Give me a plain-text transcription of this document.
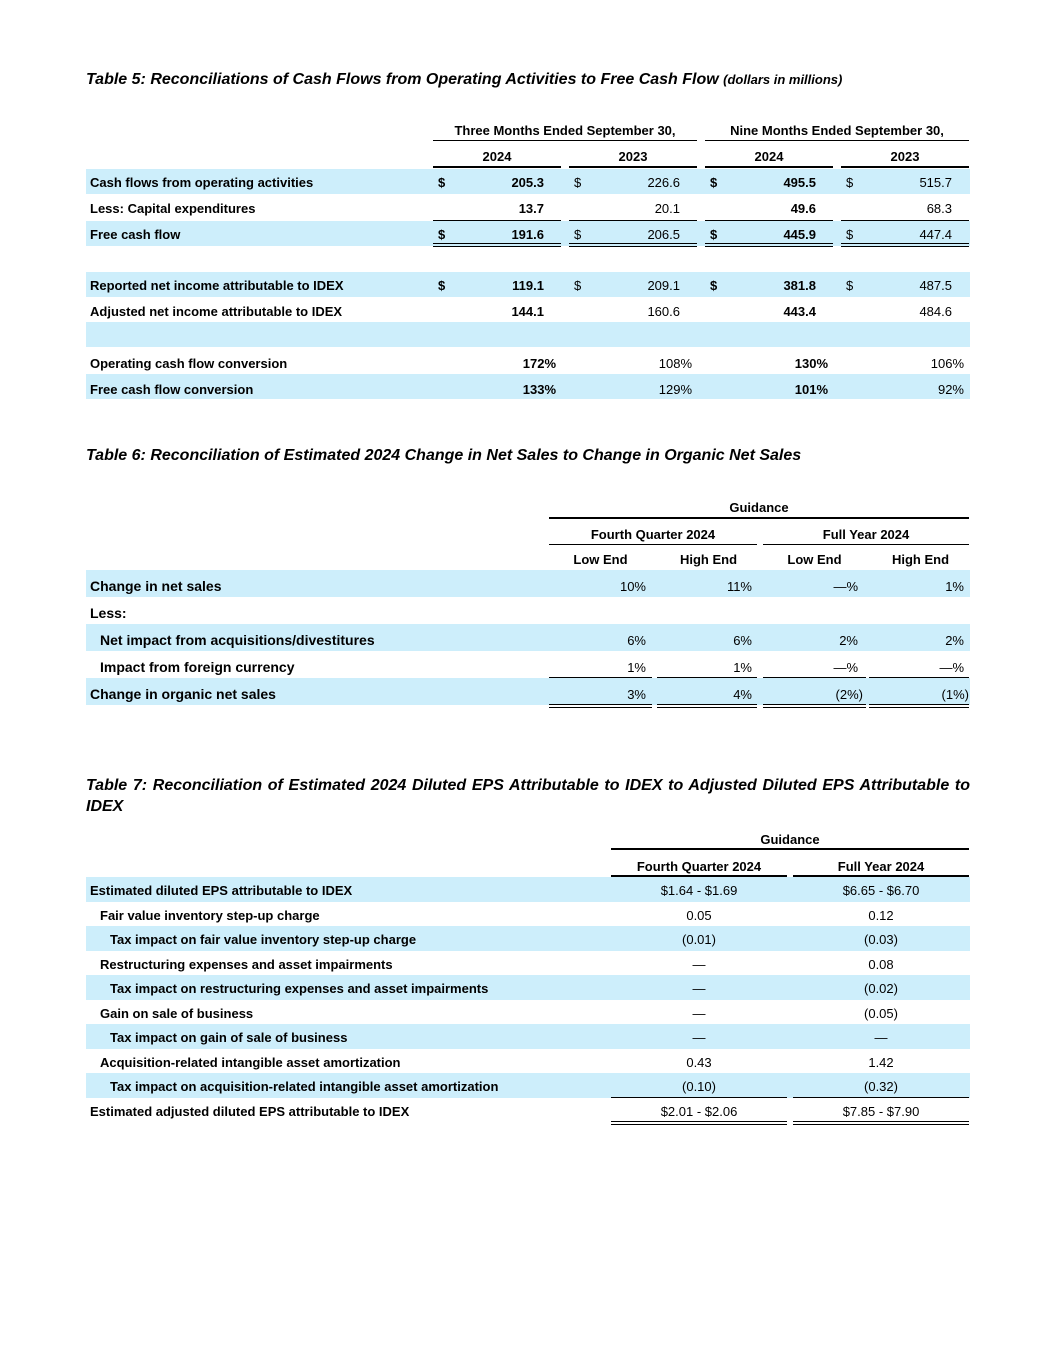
Table 5: Reconciliations of Cash Flows from Operating Activities to Free Cash Flow (dollars in millions)
Three Months Ended September 30,	Nine Months Ended September 30,
2024	2023	2024	2023
Cash flows from operating activities	$	205.3 $	226.6 $	495.5 $	515.7
Less: Capital expenditures	13.7	20.1	49.6	68.3
Free cash flow	$	191.6 $	206.5 $	445.9 $	447.4
Reported net income attributable to IDEX	$	119.1 $	209.1 $	381.8 $	487.5
Adjusted net income attributable to IDEX	144.1	160.6	443.4	484.6
Operating cash flow conversion	172%	108%	130%	106%
Free cash flow conversion	133%	129%	101%	92%
Table 6: Reconciliation of Estimated 2024 Change in Net Sales to Change in Organic Net Sales
Guidance
Fourth Quarter 2024	Full Year 2024
Low End	High End	Low End	High End
Change in net sales	10%	11%	—%	1%
Less:
Net impact from acquisitions/divestitures	6%	6%	2%	2%
Impact from foreign currency	1%	1%	—%	—%
Change in organic net sales	3%	4%	(2%)	(1%)
Table 7: Reconciliation of Estimated 2024 Diluted EPS Attributable to IDEX to Adjusted Diluted EPS Attributable to IDEX
Guidance
Fourth Quarter 2024	Full Year 2024
Estimated diluted EPS attributable to IDEX	$1.64 - $1.69	$6.65 - $6.70
Fair value inventory step-up charge	0.05	0.12
Tax impact on fair value inventory step-up charge	(0.01)	(0.03)
Restructuring expenses and asset impairments	—	0.08
Tax impact on restructuring expenses and asset impairments	—	(0.02)
Gain on sale of business	—	(0.05)
Tax impact on gain of sale of business	—	—
Acquisition-related intangible asset amortization	0.43	1.42
Tax impact on acquisition-related intangible asset amortization	(0.10)	(0.32)
Estimated adjusted diluted EPS attributable to IDEX	$2.01 - $2.06	$7.85 - $7.90
